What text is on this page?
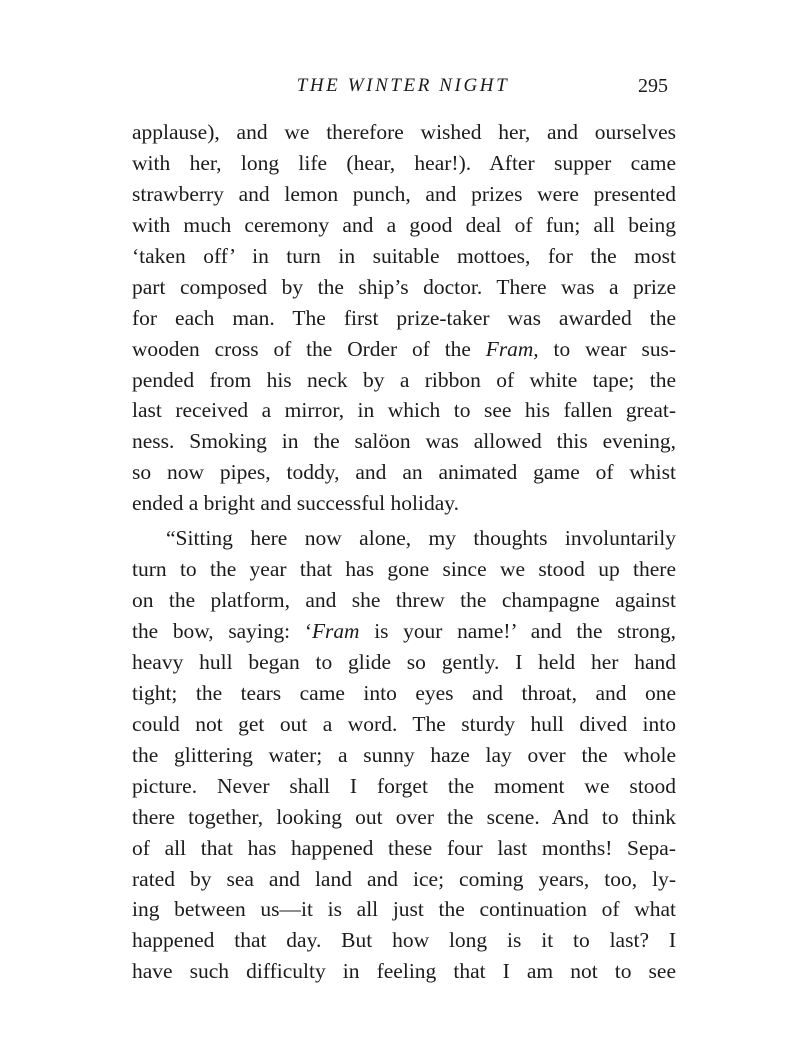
THE WINTER NIGHT	295
applause), and we therefore wished her, and ourselves
with her, long life (hear, hear!). After supper came
strawberry and lemon punch, and prizes were presented
with much ceremony and a good deal of fun; all being
‘taken off’ in turn in suitable mottoes, for the most
part composed by the ship’s doctor. There was a prize
for each man. The first prize-taker was awarded the
wooden cross of the Order of the Fram, to wear sus-
pended from his neck by a ribbon of white tape; the
last received a mirror, in which to see his fallen great-
ness. Smoking in the salöon was allowed this evening,
so now pipes, toddy, and an animated game of whist
ended a bright and successful holiday.
“Sitting here now alone, my thoughts involuntarily
turn to the year that has gone since we stood up there
on the platform, and she threw the champagne against
the bow, saying: ‘Fram is your name!’ and the strong,
heavy hull began to glide so gently. I held her hand
tight; the tears came into eyes and throat, and one
could not get out a word. The sturdy hull dived into
the glittering water; a sunny haze lay over the whole
picture. Never shall I forget the moment we stood
there together, looking out over the scene. And to think
of all that has happened these four last months! Sepa-
rated by sea and land and ice; coming years, too, ly-
ing between us—it is all just the continuation of what
happened that day. But how long is it to last? I
have such difficulty in feeling that I am not to see
